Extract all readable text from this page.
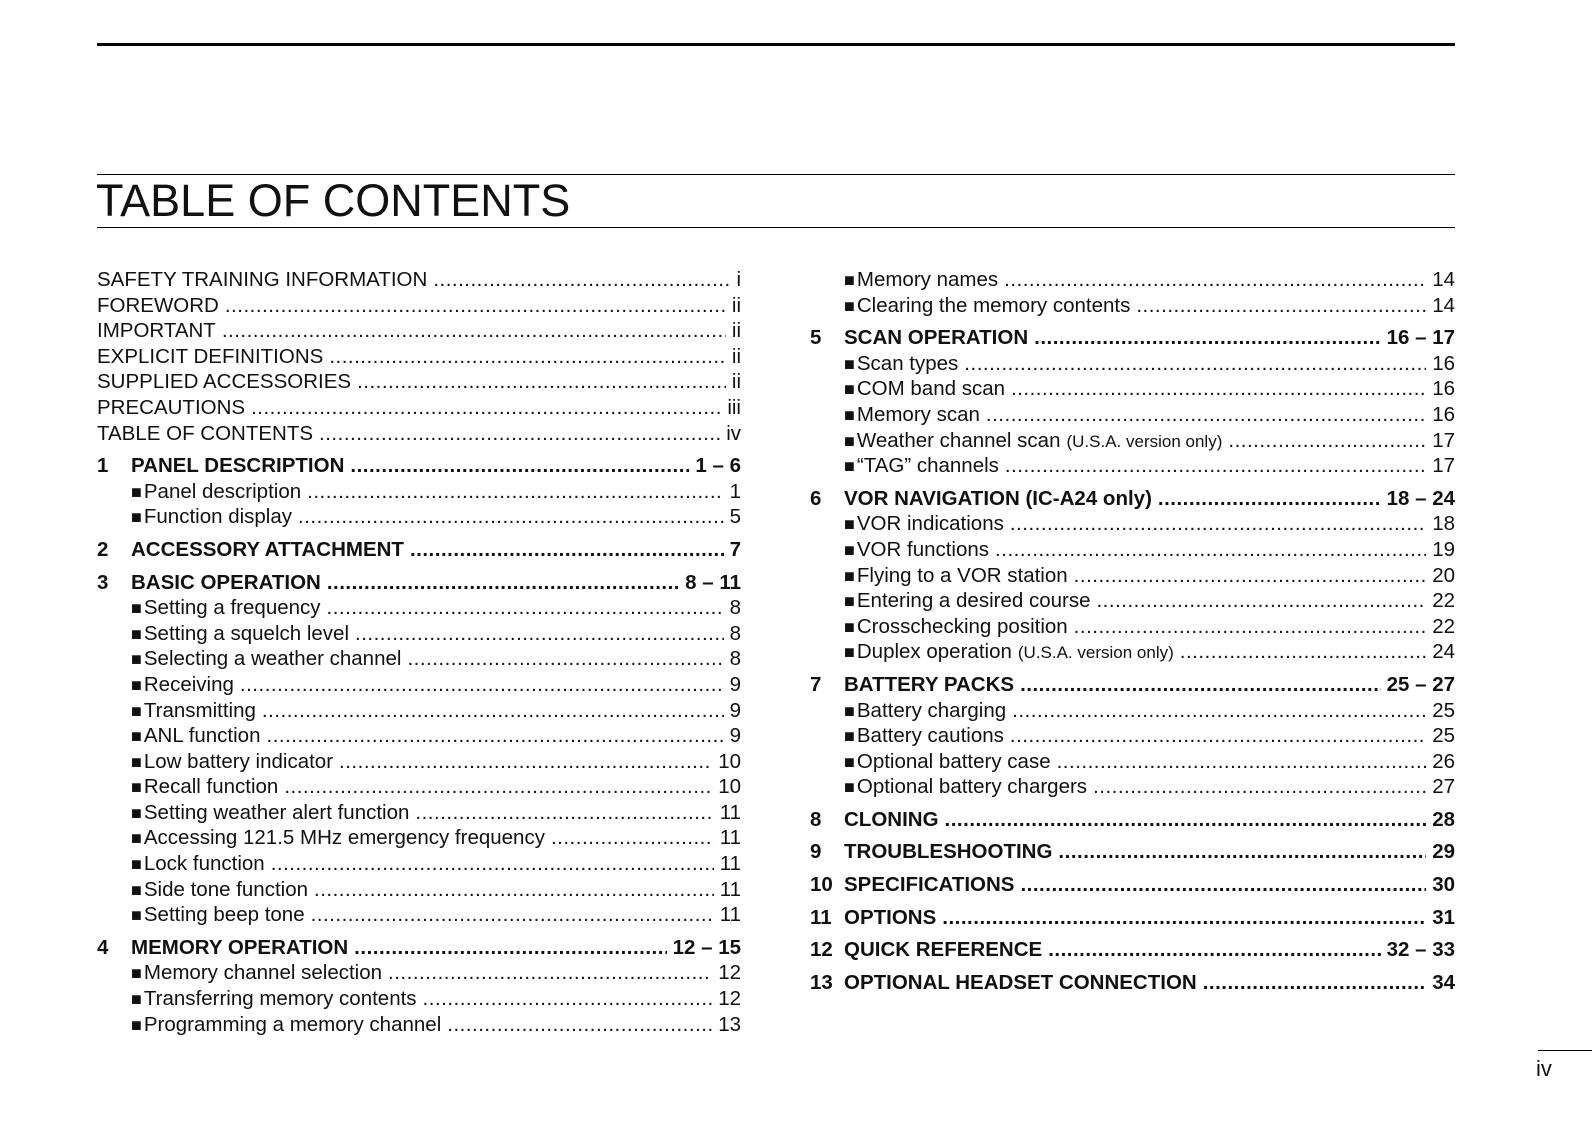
TABLE OF CONTENTS
SAFETY TRAINING INFORMATION .....	i
FOREWORD .....	ii
IMPORTANT .....	ii
EXPLICIT DEFINITIONS .....	ii
SUPPLIED ACCESSORIES .....	ii
PRECAUTIONS .....	iii
TABLE OF CONTENTS .....	iv
1	PANEL DESCRIPTION .....	1 – 6
■ Panel description .....	1
■ Function display .....	5
2	ACCESSORY ATTACHMENT .....	7
3	BASIC OPERATION .....	8 – 11
■ Setting a frequency .....	8
■ Setting a squelch level .....	8
■ Selecting a weather channel .....	8
■ Receiving .....	9
■ Transmitting .....	9
■ ANL function .....	9
■ Low battery indicator .....	10
■ Recall function .....	10
■ Setting weather alert function .....	11
■ Accessing 121.5 MHz emergency frequency .....	11
■ Lock function .....	11
■ Side tone function .....	11
■ Setting beep tone .....	11
4	MEMORY OPERATION .....	12 – 15
■ Memory channel selection .....	12
■ Transferring memory contents .....	12
■ Programming a memory channel .....	13
■ Memory names .....	14
■ Clearing the memory contents .....	14
5	SCAN OPERATION .....	16 – 17
■ Scan types .....	16
■ COM band scan .....	16
■ Memory scan .....	16
■ Weather channel scan (U.S.A. version only) .....	17
■ “TAG” channels .....	17
6	VOR NAVIGATION (IC-A24 only) .....	18 – 24
■ VOR indications .....	18
■ VOR functions .....	19
■ Flying to a VOR station .....	20
■ Entering a desired course .....	22
■ Crosschecking position .....	22
■ Duplex operation (U.S.A. version only) .....	24
7	BATTERY PACKS .....	25 – 27
■ Battery charging .....	25
■ Battery cautions .....	25
■ Optional battery case .....	26
■ Optional battery chargers .....	27
8	CLONING .....	28
9	TROUBLESHOOTING .....	29
10 SPECIFICATIONS .....	30
11 OPTIONS .....	31
12 QUICK REFERENCE .....	32 – 33
13 OPTIONAL HEADSET CONNECTION .....	34
iv
